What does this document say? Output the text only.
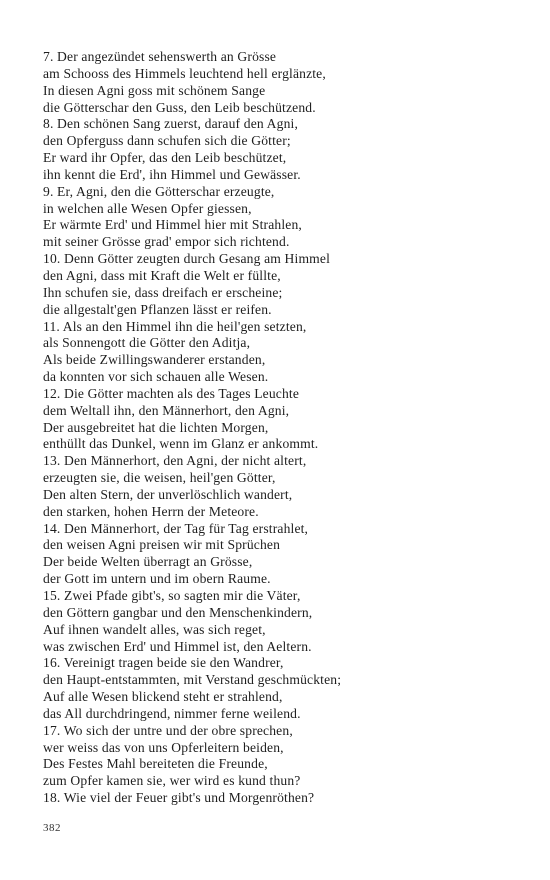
7. Der angezündet sehenswerth an Grösse
am Schooss des Himmels leuchtend hell erglänzte,
In diesen Agni goss mit schönem Sange
die Götterschar den Guss, den Leib beschützend.
8. Den schönen Sang zuerst, darauf den Agni,
den Opferguss dann schufen sich die Götter;
Er ward ihr Opfer, das den Leib beschützet,
ihn kennt die Erd', ihn Himmel und Gewässer.
9. Er, Agni, den die Götterschar erzeugte,
in welchen alle Wesen Opfer giessen,
Er wärmte Erd' und Himmel hier mit Strahlen,
mit seiner Grösse grad' empor sich richtend.
10. Denn Götter zeugten durch Gesang am Himmel
den Agni, dass mit Kraft die Welt er füllte,
Ihn schufen sie, dass dreifach er erscheine;
die allgestalt'gen Pflanzen lässt er reifen.
11. Als an den Himmel ihn die heil'gen setzten,
als Sonnengott die Götter den Aditja,
Als beide Zwillingswanderer erstanden,
da konnten vor sich schauen alle Wesen.
12. Die Götter machten als des Tages Leuchte
dem Weltall ihn, den Männerhort, den Agni,
Der ausgebreitet hat die lichten Morgen,
enthüllt das Dunkel, wenn im Glanz er ankommt.
13. Den Männerhort, den Agni, der nicht altert,
erzeugten sie, die weisen, heil'gen Götter,
Den alten Stern, der unverlöschlich wandert,
den starken, hohen Herrn der Meteore.
14. Den Männerhort, der Tag für Tag erstrahlet,
den weisen Agni preisen wir mit Sprüchen
Der beide Welten überragt an Grösse,
der Gott im untern und im obern Raume.
15. Zwei Pfade gibt's, so sagten mir die Väter,
den Göttern gangbar und den Menschenkindern,
Auf ihnen wandelt alles, was sich reget,
was zwischen Erd' und Himmel ist, den Aeltern.
16. Vereinigt tragen beide sie den Wandrer,
den Haupt-entstammten, mit Verstand geschmückten;
Auf alle Wesen blickend steht er strahlend,
das All durchdringend, nimmer ferne weilend.
17. Wo sich der untre und der obre sprechen,
wer weiss das von uns Opferleitern beiden,
Des Festes Mahl bereiteten die Freunde,
zum Opfer kamen sie, wer wird es kund thun?
18. Wie viel der Feuer gibt's und Morgenröthen?
382
